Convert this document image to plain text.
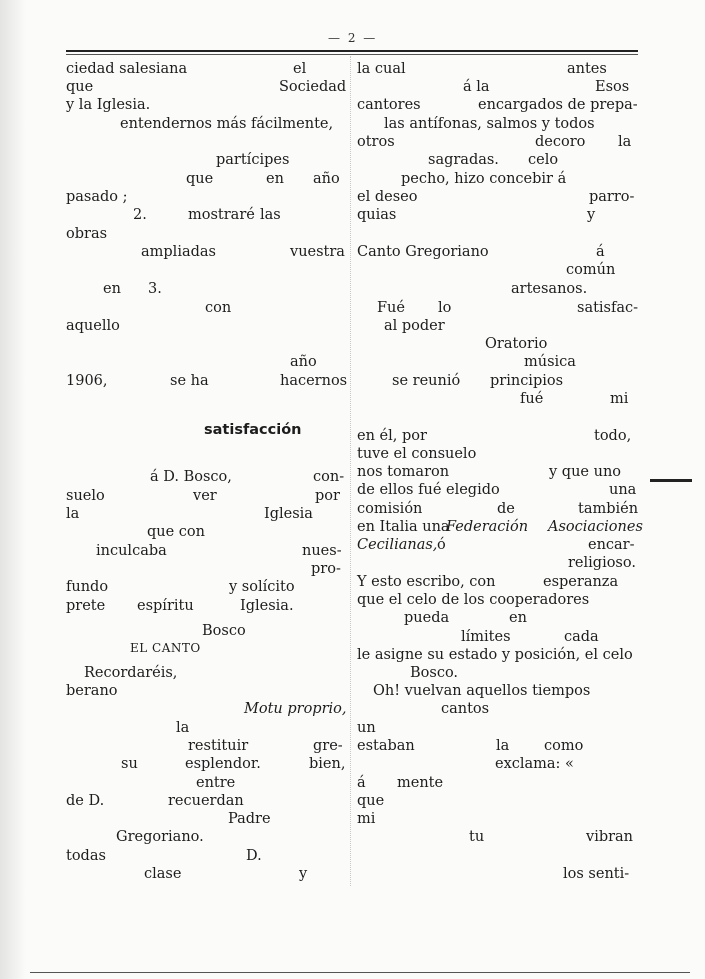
— 2 —
ciedad salesiana	el
que	Sociedad
y la Iglesia.
entendernos más fácilmente,
partícipes
que	en año
pasado ;
2.	mostraré las
obras
ampliadas	vuestra
en 3.
con
aquello
año
1906,	se ha	hacernos
satisfacción
á D. Bosco,	con-
suelo	ver	por
la	Iglesia
que con
inculcaba	nues-
pro-
fundo	y solícito
prete espíritu	Iglesia.
Bosco
EL CANTO
Recordaréis,
berano
Motu proprio,
la
restituir	gre-
su	esplendor.	bien,
entre
de D.	recuerdan
Padre
Gregoriano.
todas	D.
clase	y
la cual	antes
á la	Esos
cantores	encargados de prepa-
las antífonas, salmos y todos
otros	decoro la
sagradas. celo
pecho, hizo concebir á
el deseo	parro-
quias	y
Canto Gregoriano	á
común
artesanos.
Fué lo	satisfac-
al poder
Oratorio
música
se reunió principios
fué	mi
en él, por	todo,
tuve el consuelo
nos tomaron	y que uno
de ellos fué elegido	una
comisión	de	también
en Italia una
Federación Asociaciones
Cecilianas, ó	encar-
religioso.
Y esto escribo, con	esperanza
que el celo de los cooperadores
pueda	en
límites	cada
le asigne su estado y posición, el celo
Bosco.
Oh! vuelvan aquellos tiempos
cantos
un
estaban	la como
exclama: «
á mente
que
mi
tu	vibran
los senti-
